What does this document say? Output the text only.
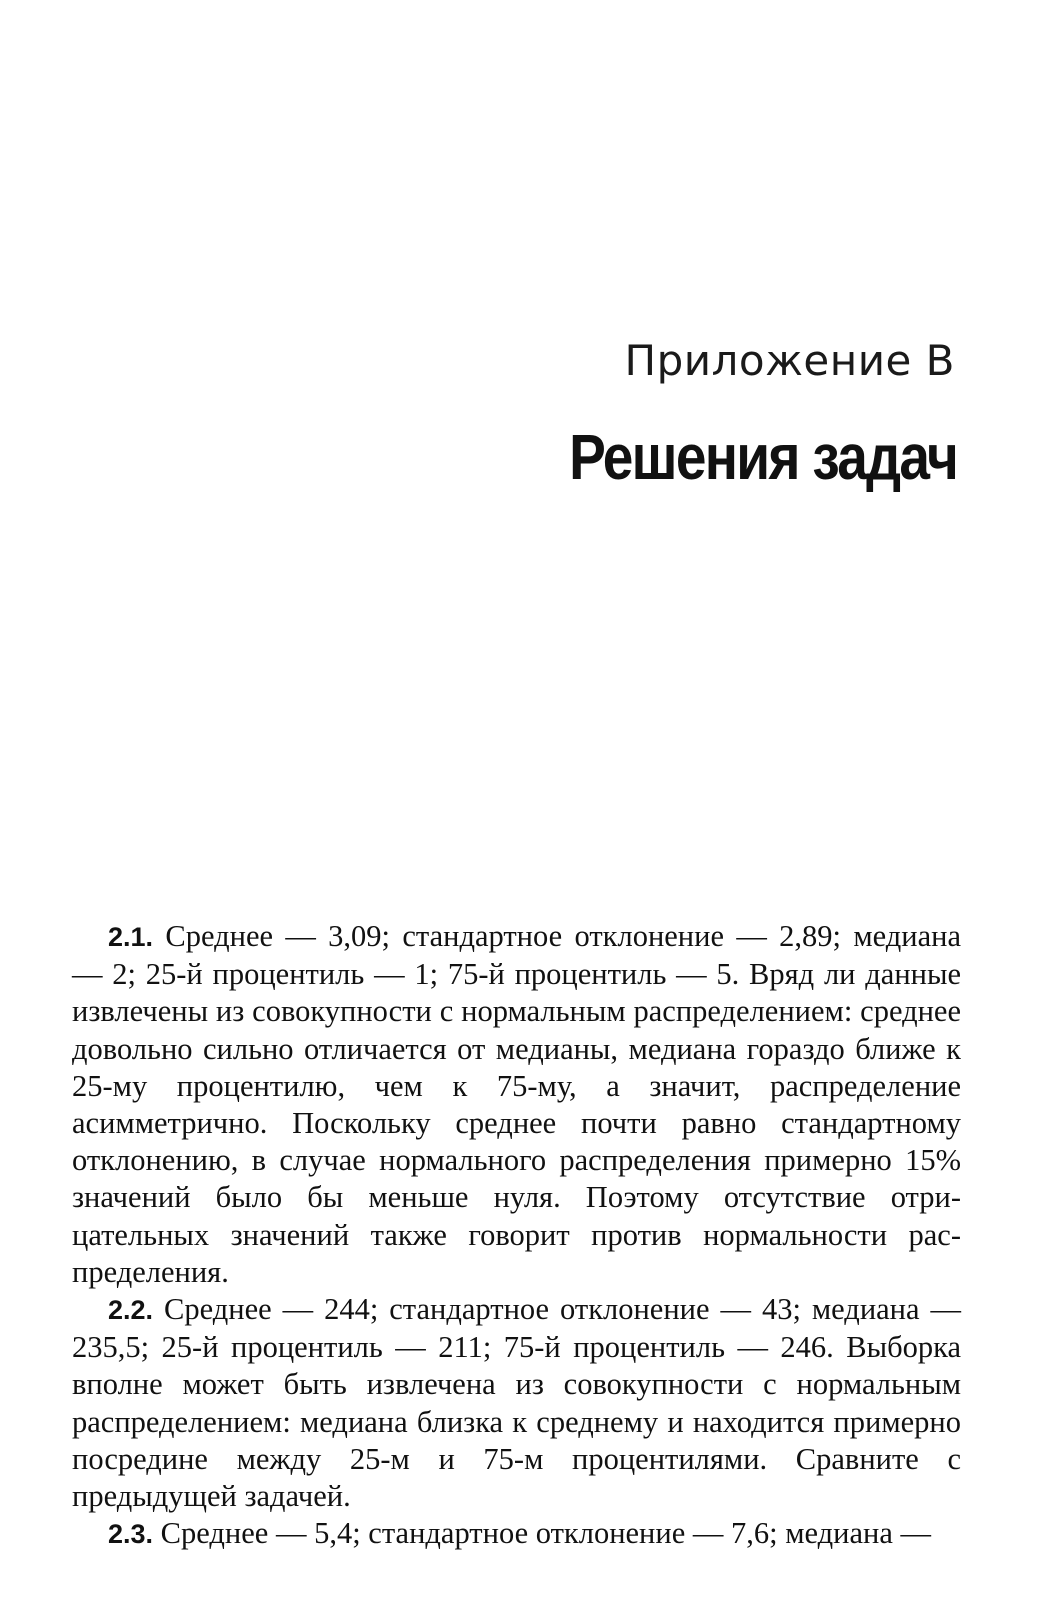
Приложение В
Решения задач

2.1. Среднее — 3,09; стандартное отклонение — 2,89; медиана — 2; 25-й процентиль — 1; 75-й процентиль — 5. Вряд ли данные извлечены из совокупности с нормальным распределением: среднее довольно сильно отличается от медианы, медиана гораздо ближе к 25-му процентилю, чем к 75-му, а значит, распределение асимметрично. Поскольку среднее почти равно стандартному отклонению, в случае нормального распределения примерно 15% значений было бы меньше нуля. Поэтому отсутствие отрицательных значений также говорит против нормальности распределения.

2.2. Среднее — 244; стандартное отклонение — 43; медиана — 235,5; 25-й процентиль — 211; 75-й процентиль — 246. Выборка вполне может быть извлечена из совокупности с нормальным распределением: медиана близка к среднему и находится примерно посредине между 25-м и 75-м процентилями. Сравните с предыдущей задачей.

2.3. Среднее — 5,4; стандартное отклонение — 7,6; медиана —
